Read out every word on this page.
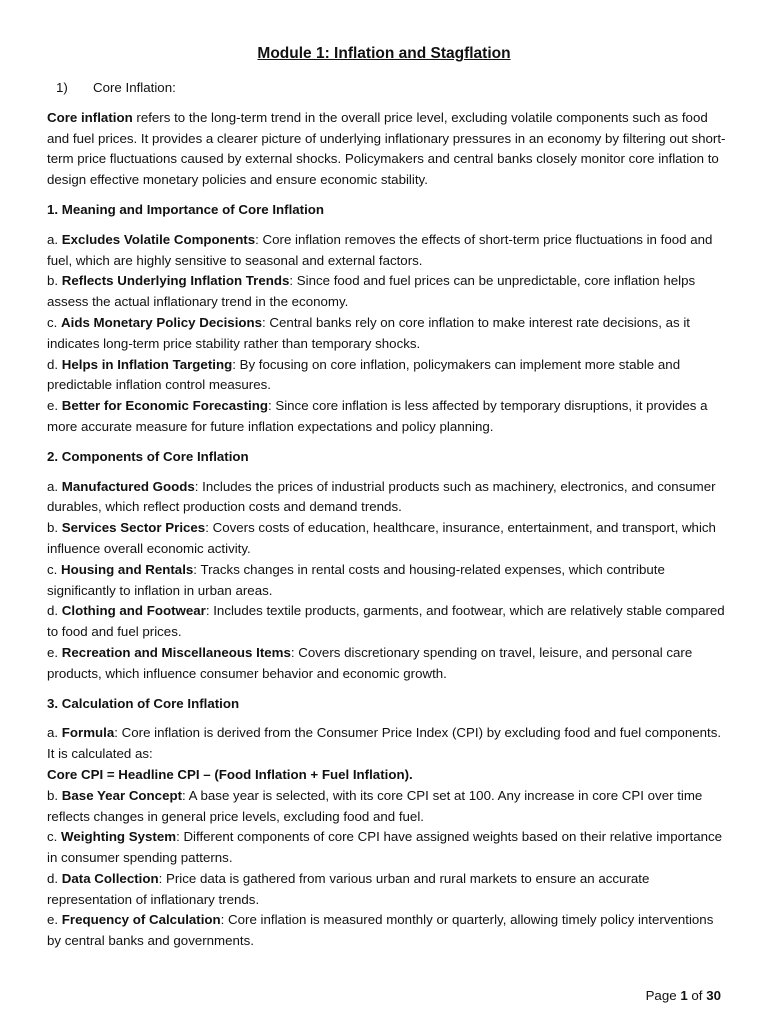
Module 1: Inflation and Stagflation
1) Core Inflation:

Core inflation refers to the long-term trend in the overall price level, excluding volatile components such as food and fuel prices. It provides a clearer picture of underlying inflationary pressures in an economy by filtering out short-term price fluctuations caused by external shocks. Policymakers and central banks closely monitor core inflation to design effective monetary policies and ensure economic stability.

1. Meaning and Importance of Core Inflation
a. Excludes Volatile Components: Core inflation removes the effects of short-term price fluctuations in food and fuel, which are highly sensitive to seasonal and external factors.
b. Reflects Underlying Inflation Trends: Since food and fuel prices can be unpredictable, core inflation helps assess the actual inflationary trend in the economy.
c. Aids Monetary Policy Decisions: Central banks rely on core inflation to make interest rate decisions, as it indicates long-term price stability rather than temporary shocks.
d. Helps in Inflation Targeting: By focusing on core inflation, policymakers can implement more stable and predictable inflation control measures.
e. Better for Economic Forecasting: Since core inflation is less affected by temporary disruptions, it provides a more accurate measure for future inflation expectations and policy planning.
2. Components of Core Inflation
a. Manufactured Goods: Includes the prices of industrial products such as machinery, electronics, and consumer durables, which reflect production costs and demand trends.
b. Services Sector Prices: Covers costs of education, healthcare, insurance, entertainment, and transport, which influence overall economic activity.
c. Housing and Rentals: Tracks changes in rental costs and housing-related expenses, which contribute significantly to inflation in urban areas.
d. Clothing and Footwear: Includes textile products, garments, and footwear, which are relatively stable compared to food and fuel prices.
e. Recreation and Miscellaneous Items: Covers discretionary spending on travel, leisure, and personal care products, which influence consumer behavior and economic growth.
3. Calculation of Core Inflation
a. Formula: Core inflation is derived from the Consumer Price Index (CPI) by excluding food and fuel components. It is calculated as:
Core CPI = Headline CPI – (Food Inflation + Fuel Inflation).
b. Base Year Concept: A base year is selected, with its core CPI set at 100. Any increase in core CPI over time reflects changes in general price levels, excluding food and fuel.
c. Weighting System: Different components of core CPI have assigned weights based on their relative importance in consumer spending patterns.
d. Data Collection: Price data is gathered from various urban and rural markets to ensure an accurate representation of inflationary trends.
e. Frequency of Calculation: Core inflation is measured monthly or quarterly, allowing timely policy interventions by central banks and governments.
Page 1 of 30
